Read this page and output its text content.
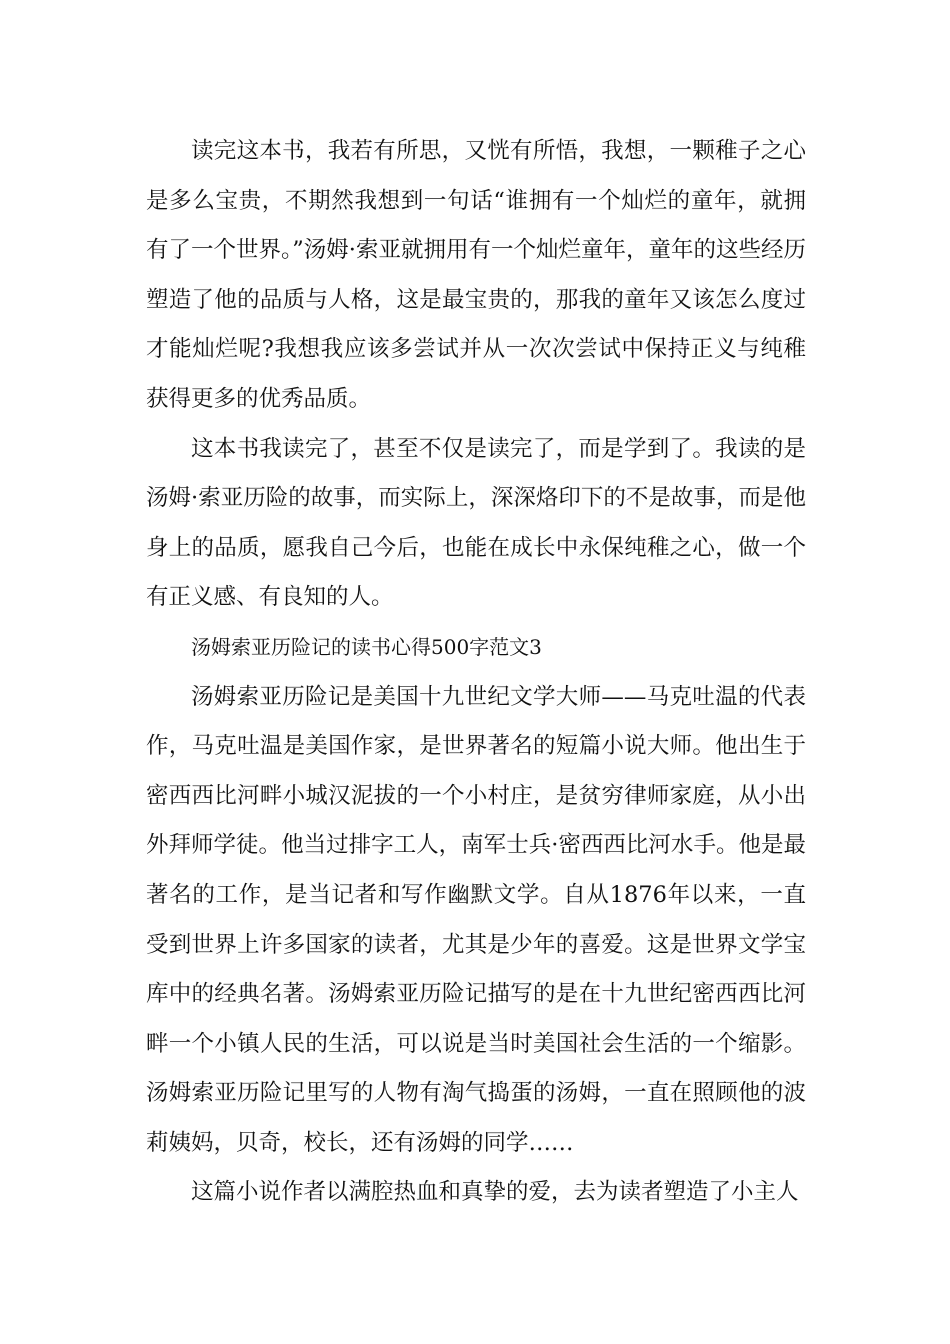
读完这本书，我若有所思，又恍有所悟，我想，一颗稚子之心是多么宝贵，不期然我想到一句话“谁拥有一个灿烂的童年，就拥有了一个世界。”汤姆·索亚就拥用有一个灿烂童年，童年的这些经历塑造了他的品质与人格，这是最宝贵的，那我的童年又该怎么度过才能灿烂呢?我想我应该多尝试并从一次次尝试中保持正义与纯稚获得更多的优秀品质。

这本书我读完了，甚至不仅是读完了，而是学到了。我读的是汤姆·索亚历险的故事，而实际上，深深烙印下的不是故事，而是他身上的品质，愿我自己今后，也能在成长中永保纯稚之心，做一个有正义感、有良知的人。

汤姆索亚历险记的读书心得500字范文3

汤姆索亚历险记是美国十九世纪文学大师——马克吐温的代表作，马克吐温是美国作家，是世界著名的短篇小说大师。他出生于密西西比河畔小城汉泥拔的一个小村庄，是贫穷律师家庭，从小出外拜师学徒。他当过排字工人，南军士兵·密西西比河水手。他是最著名的工作，是当记者和写作幽默文学。自从1876年以来，一直受到世界上许多国家的读者，尤其是少年的喜爱。这是世界文学宝库中的经典名著。汤姆索亚历险记描写的是在十九世纪密西西比河畔一个小镇人民的生活，可以说是当时美国社会生活的一个缩影。汤姆索亚历险记里写的人物有淘气捣蛋的汤姆，一直在照顾他的波莉姨妈，贝奇，校长，还有汤姆的同学……

这篇小说作者以满腔热血和真挚的爱，去为读者塑造了小主人
